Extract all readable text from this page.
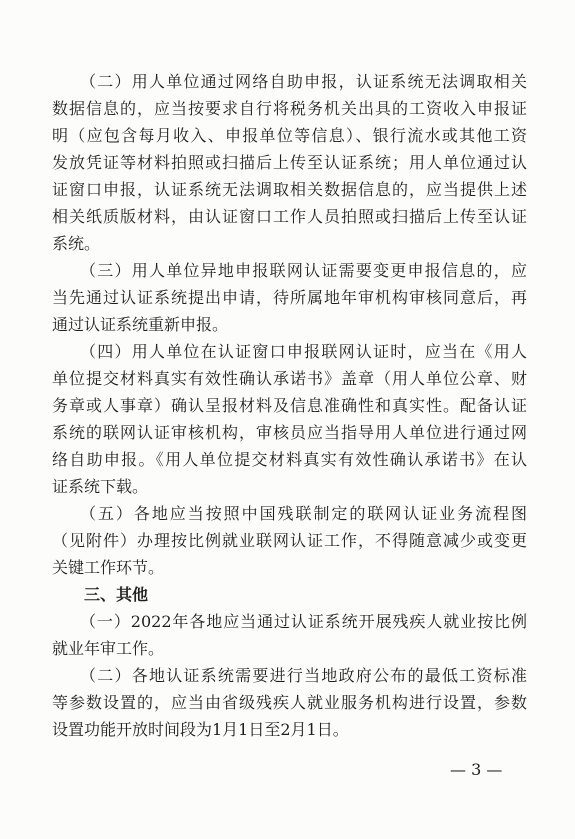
（二）用人单位通过网络自助申报，认证系统无法调取相关
数据信息的，应当按要求自行将税务机关出具的工资收入申报证
明（应包含每月收入、申报单位等信息）、银行流水或其他工资
发放凭证等材料拍照或扫描后上传至认证系统；用人单位通过认
证窗口申报，认证系统无法调取相关数据信息的，应当提供上述
相关纸质版材料，由认证窗口工作人员拍照或扫描后上传至认证
系统。
（三）用人单位异地申报联网认证需要变更申报信息的，应
当先通过认证系统提出申请，待所属地年审机构审核同意后，再
通过认证系统重新申报。
（四）用人单位在认证窗口申报联网认证时，应当在《用人
单位提交材料真实有效性确认承诺书》盖章（用人单位公章、财
务章或人事章）确认呈报材料及信息准确性和真实性。配备认证
系统的联网认证审核机构，审核员应当指导用人单位进行通过网
络自助申报。《用人单位提交材料真实有效性确认承诺书》在认
证系统下载。
（五）各地应当按照中国残联制定的联网认证业务流程图
（见附件）办理按比例就业联网认证工作，不得随意减少或变更
关键工作环节。
三、其他
（一）2022年各地应当通过认证系统开展残疾人就业按比例
就业年审工作。
（二）各地认证系统需要进行当地政府公布的最低工资标准
等参数设置的，应当由省级残疾人就业服务机构进行设置，参数
设置功能开放时间段为1月1日至2月1日。
— 3 —
